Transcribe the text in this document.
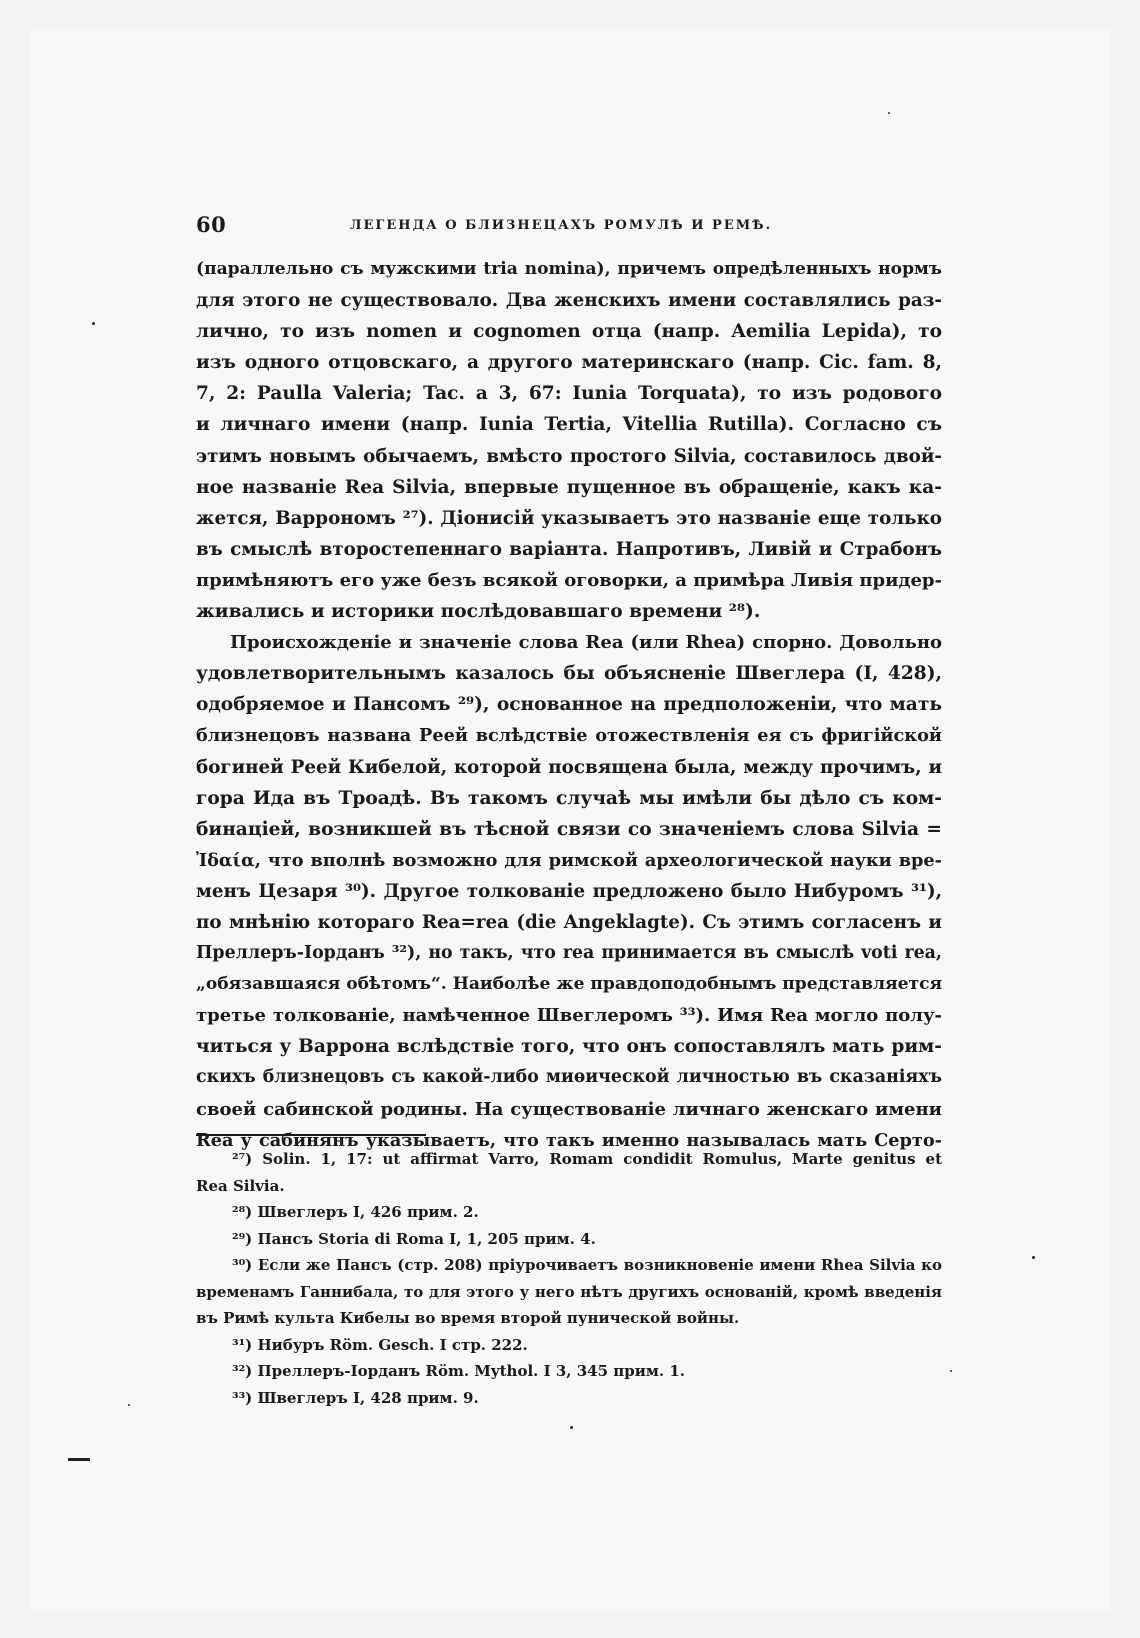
60	ЛЕГЕНДА О БЛИЗНЕЦАХЪ РОМУЛѢ И РЕМѢ.
(параллельно съ мужскими tria nomina), причемъ опредѣленныхъ нормъ
для этого не существовало. Два женскихъ имени составлялись раз-
лично, то изъ nomen и cognomen отца (напр. Aemilia Lepida), то
изъ одного отцовскаго, а другого материнскаго (напр. Cic. fam. 8,
7, 2: Paulla Valeria; Tac. a 3, 67: Iunia Torquata), то изъ родового
и личнаго имени (напр. Iunia Tertia, Vitellia Rutilla). Согласно съ
этимъ новымъ обычаемъ, вмѣсто простого Silvia, составилось двой-
ное названіе Rea Silvia, впервые пущенное въ обращеніе, какъ ка-
жется, Варрономъ ²⁷). Діонисій указываетъ это названіе еще только
въ смыслѣ второстепеннаго варіанта. Напротивъ, Ливій и Страбонъ
примѣняютъ его уже безъ всякой оговорки, а примѣра Ливія придер-
живались и историки послѣдовавшаго времени ²⁸).
Происхожденіе и значеніе слова Rea (или Rhea) спорно. Довольно
удовлетворительнымъ казалось бы объясненіе Швеглера (I, 428),
одобряемое и Пансомъ ²⁹), основанное на предположеніи, что мать
близнецовъ названа Реей вслѣдствіе отожествленія ея съ фригійской
богиней Реей Кибелой, которой посвящена была, между прочимъ, и
гора Ида въ Троадѣ. Въ такомъ случаѣ мы имѣли бы дѣло съ ком-
бинаціей, возникшей въ тѣсной связи со значеніемъ слова Silvia =
Ἰδαία, что вполнѣ возможно для римской археологической науки вре-
менъ Цезаря ³⁰). Другое толкованіе предложено было Нибуромъ ³¹),
по мнѣнію котораго Rea=rea (die Angeklagte). Съ этимъ согласенъ и
Преллеръ-Іорданъ ³²), но такъ, что rea принимается въ смыслѣ voti rea,
„обязавшаяся обѣтомъ“. Наиболѣе же правдоподобнымъ представляется
третье толкованіе, намѣченное Швеглеромъ ³³). Имя Rea могло полу-
читься у Варрона вслѣдствіе того, что онъ сопоставлялъ мать рим-
скихъ близнецовъ съ какой-либо миѳической личностью въ сказаніяхъ
своей сабинской родины. На существованіе личнаго женскаго имени
Rea у сабинянъ указываетъ, что такъ именно называлась мать Серто-
²⁷) Solin. 1, 17: ut affirmat Varro, Romam condidit Romulus, Marte genitus et
Rea Silvia.
²⁸) Швеглеръ I, 426 прим. 2.
²⁹) Пансъ Storia di Roma I, 1, 205 прим. 4.
³⁰) Если же Пансъ (стр. 208) пріурочиваетъ возникновеніе имени Rhea Silvia ко
временамъ Ганнибала, то для этого у него нѣтъ другихъ основаній, кромѣ введенія
въ Римѣ культа Кибелы во время второй пунической войны.
³¹) Нибуръ Röm. Gesch. I стр. 222.
³²) Преллеръ-Іорданъ Röm. Mythol. I 3, 345 прим. 1.
³³) Швеглеръ I, 428 прим. 9.
